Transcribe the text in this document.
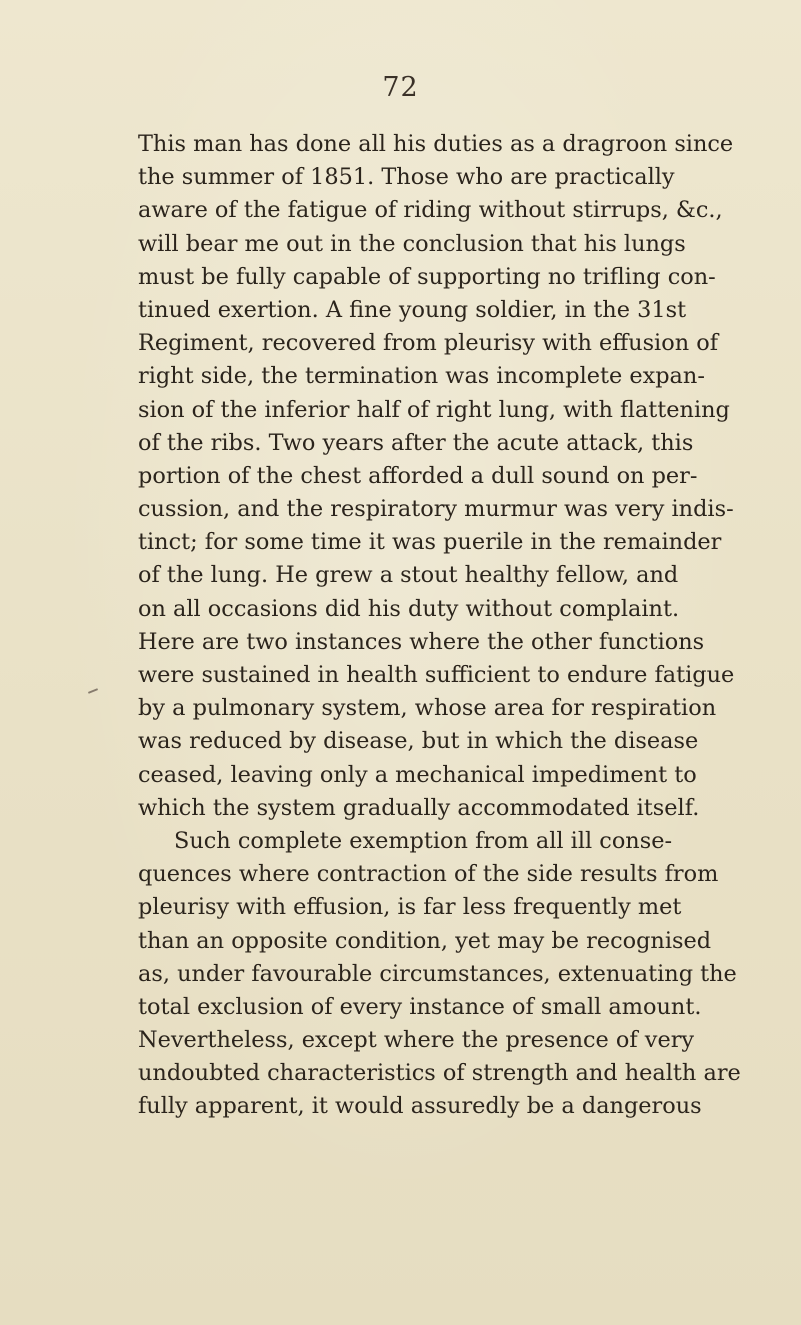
72
This man has done all his duties as a dragroon since
the summer of 1851. Those who are practically
aware of the fatigue of riding without stirrups, &c.,
will bear me out in the conclusion that his lungs
must be fully capable of supporting no trifling con-
tinued exertion. A fine young soldier, in the 31st
Regiment, recovered from pleurisy with effusion of
right side, the termination was incomplete expan-
sion of the inferior half of right lung, with flattening
of the ribs. Two years after the acute attack, this
portion of the chest afforded a dull sound on per-
cussion, and the respiratory murmur was very indis-
tinct; for some time it was puerile in the remainder
of the lung. He grew a stout healthy fellow, and
on all occasions did his duty without complaint.
Here are two instances where the other functions
were sustained in health sufficient to endure fatigue
by a pulmonary system, whose area for respiration
was reduced by disease, but in which the disease
ceased, leaving only a mechanical impediment to
which the system gradually accommodated itself.
Such complete exemption from all ill conse-
quences where contraction of the side results from
pleurisy with effusion, is far less frequently met
than an opposite condition, yet may be recognised
as, under favourable circumstances, extenuating the
total exclusion of every instance of small amount.
Nevertheless, except where the presence of very
undoubted characteristics of strength and health are
fully apparent, it would assuredly be a dangerous
